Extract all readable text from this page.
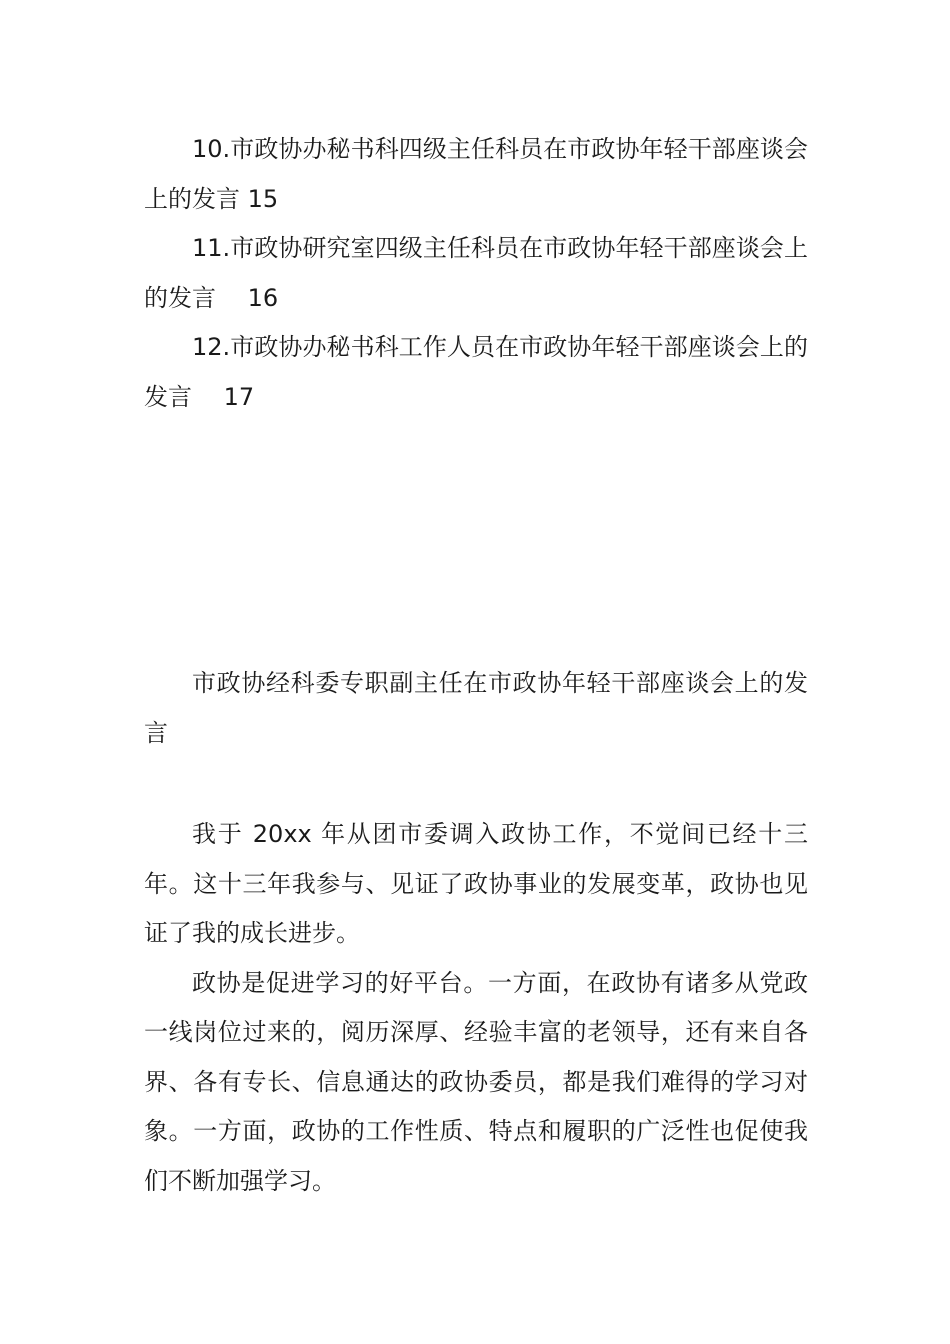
10.市政协办秘书科四级主任科员在市政协年轻干部座谈会上的发言 15

11.市政协研究室四级主任科员在市政协年轻干部座谈会上的发言  16

12.市政协办秘书科工作人员在市政协年轻干部座谈会上的发言  17

市政协经科委专职副主任在市政协年轻干部座谈会上的发言

我于 20xx 年从团市委调入政协工作，不觉间已经十三年。这十三年我参与、见证了政协事业的发展变革，政协也见证了我的成长进步。

政协是促进学习的好平台。一方面，在政协有诸多从党政一线岗位过来的，阅历深厚、经验丰富的老领导，还有来自各界、各有专长、信息通达的政协委员，都是我们难得的学习对象。一方面，政协的工作性质、特点和履职的广泛性也促使我们不断加强学习。
